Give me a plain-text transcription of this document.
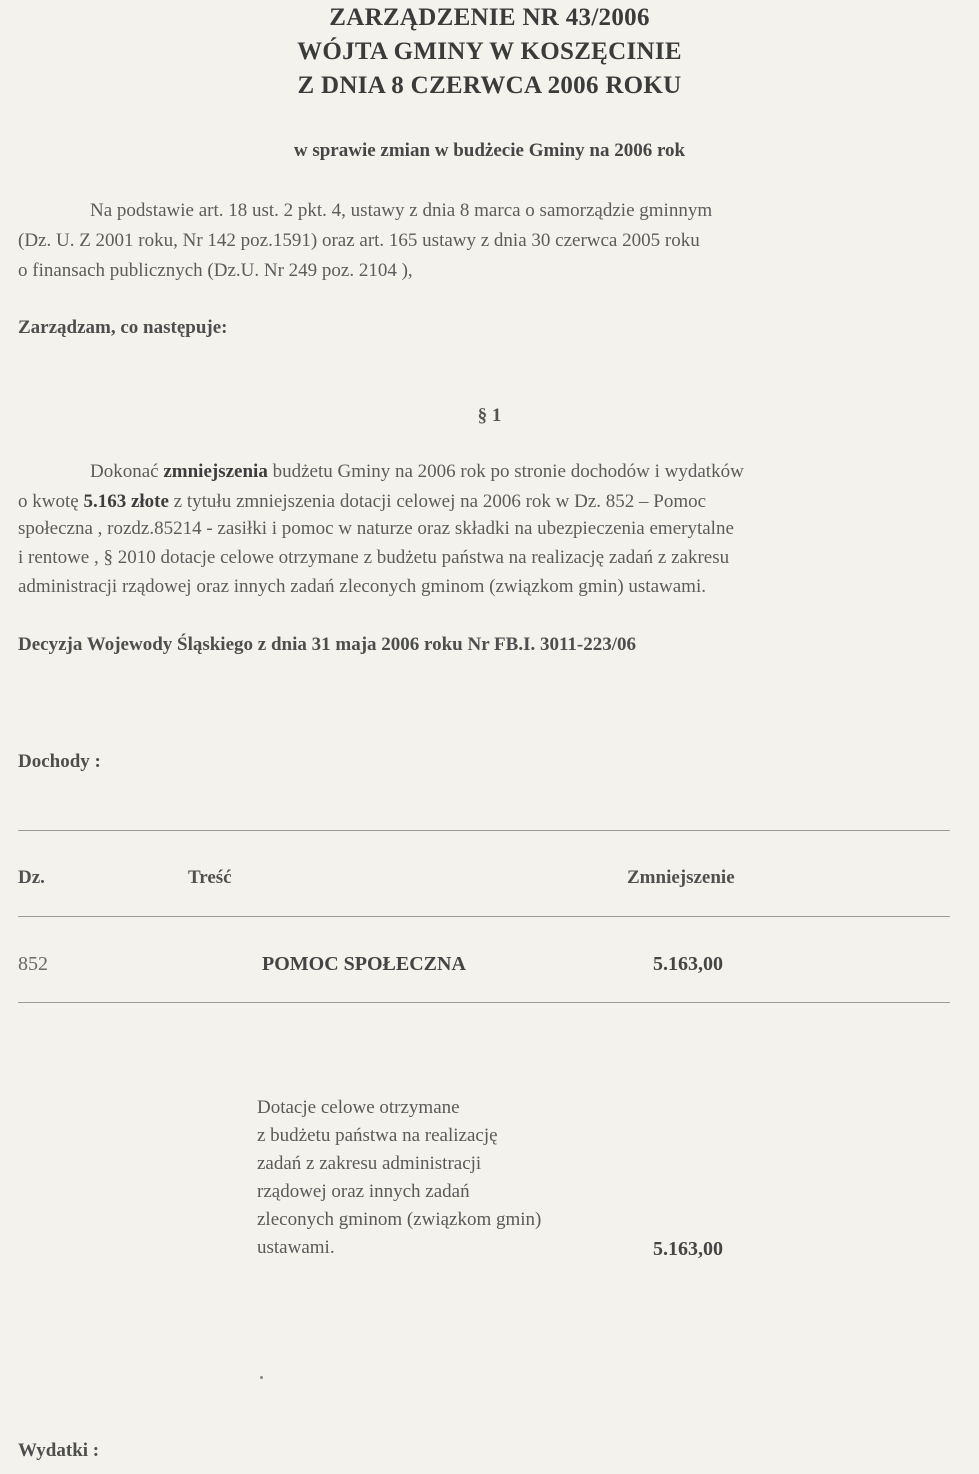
ZARZĄDZENIE NR 43/2006
WÓJTA GMINY W KOSZĘCINIE
Z DNIA 8 CZERWCA 2006 ROKU
w sprawie zmian w budżecie Gminy na 2006 rok
Na podstawie art. 18 ust. 2 pkt. 4, ustawy z dnia 8 marca o samorządzie gminnym
(Dz. U. Z 2001 roku, Nr 142 poz.1591) oraz art. 165 ustawy z dnia 30 czerwca 2005 roku
o finansach publicznych (Dz.U. Nr 249 poz. 2104 ),
Zarządzam, co następuje:
§ 1
Dokonać zmniejszenia budżetu Gminy na 2006 rok po stronie dochodów i wydatków
o kwotę 5.163 złote z tytułu zmniejszenia dotacji celowej na 2006 rok w Dz. 852 – Pomoc
społeczna , rozdz.85214 - zasiłki i pomoc w naturze oraz składki na ubezpieczenia emerytalne
i rentowe , § 2010 dotacje celowe otrzymane z budżetu państwa na realizację zadań z zakresu
administracji rządowej oraz innych zadań zleconych gminom (związkom gmin) ustawami.
Decyzja Wojewody Śląskiego z dnia 31 maja 2006 roku Nr FB.I. 3011-223/06
Dochody :
Dz.	Treść	Zmniejszenie
852	POMOC SPOŁECZNA	5.163,00
Dotacje celowe otrzymane
z budżetu państwa na realizację
zadań z zakresu administracji
rządowej oraz innych zadań
zleconych gminom (związkom gmin)
ustawami.	5.163,00
Wydatki :
